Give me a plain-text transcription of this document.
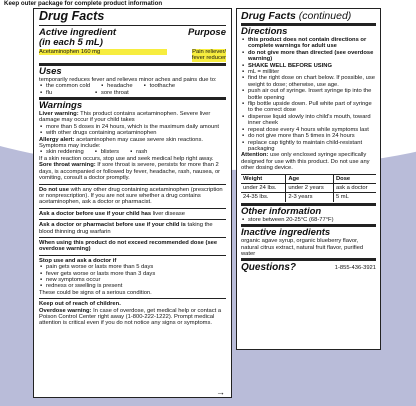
Keep outer package for complete product information
Drug Facts
Active ingredient
(in each 5 mL)
Purpose
Acetaminophen 160 mg	Pain reliever/
fever reducer
Uses
temporarily reduces fever and relieves minor aches and pains due to:
▪ the common cold	▪ headache	▪ toothache
▪ flu	▪ sore throat
Warnings
Liver warning: This product contains acetaminophen. Severe liver damage may occur if your child takes
▪ more than 5 doses in 24 hours, which is the maximum daily amount
▪ with other drugs containing acetaminophen
Allergy alert: acetaminophen may cause severe skin reactions. Symptoms may include:
▪ skin reddening	▪ blisters	▪ rash
If a skin reaction occurs, stop use and seek medical help right away.
Sore throat warning: If sore throat is severe, persists for more than 2 days, is accompanied or followed by fever, headache, rash, nausea, or vomiting, consult a doctor promptly.
Do not use with any other drug containing acetaminophen (prescription or nonprescription). If you are not sure whether a drug contains acetaminophen, ask a doctor or pharmacist.
Ask a doctor before use if your child has liver disease
Ask a doctor or pharmacist before use if your child is taking the blood thinning drug warfarin
When using this product do not exceed recommended dose (see overdose warning)
Stop use and ask a doctor if
▪ pain gets worse or lasts more than 5 days
▪ fever gets worse or lasts more than 3 days
▪ new symptoms occur
▪ redness or swelling is present
These could be signs of a serious condition.
Keep out of reach of children.
Overdose warning: In case of overdose, get medical help or contact a Poison Control Center right away (1-800-222-1222). Prompt medical attention is critical even if you do not notice any signs or symptoms.
→
Drug Facts (continued)
Directions
▪ this product does not contain directions or complete warnings for adult use
▪ do not give more than directed (see overdose warning)
▪ SHAKE WELL BEFORE USING
▪ mL = milliter
▪ find the right dose on chart below. If possible, use weight to dose; otherwise, use age.
▪ push air out of syringe. Insert syringe tip into the bottle opening
▪ flip bottle upside down. Pull white part of syringe to the correct dose
▪ dispense liquid slowly into child's mouth, toward inner cheek
▪ repeat dose every 4 hours while symptoms last
▪ do not give more than 5 times in 24 hours
▪ replace cap tightly to maintain child-resistant packaging
Attention: use only enclosed syringe specifically designed for use with this product. Do not use any other dosing device.
Weight	Age	Dose
under 24 lbs.	under 2 years	ask a doctor
24-35 lbs.	2-3 years	5 mL
Other information
▪ store between 20-25°C (68-77°F)
Inactive ingredients
organic agave syrup, organic blueberry flavor, natural citrus extract, natural fruit flavor, purified water
Questions?	1-855-436-3921
